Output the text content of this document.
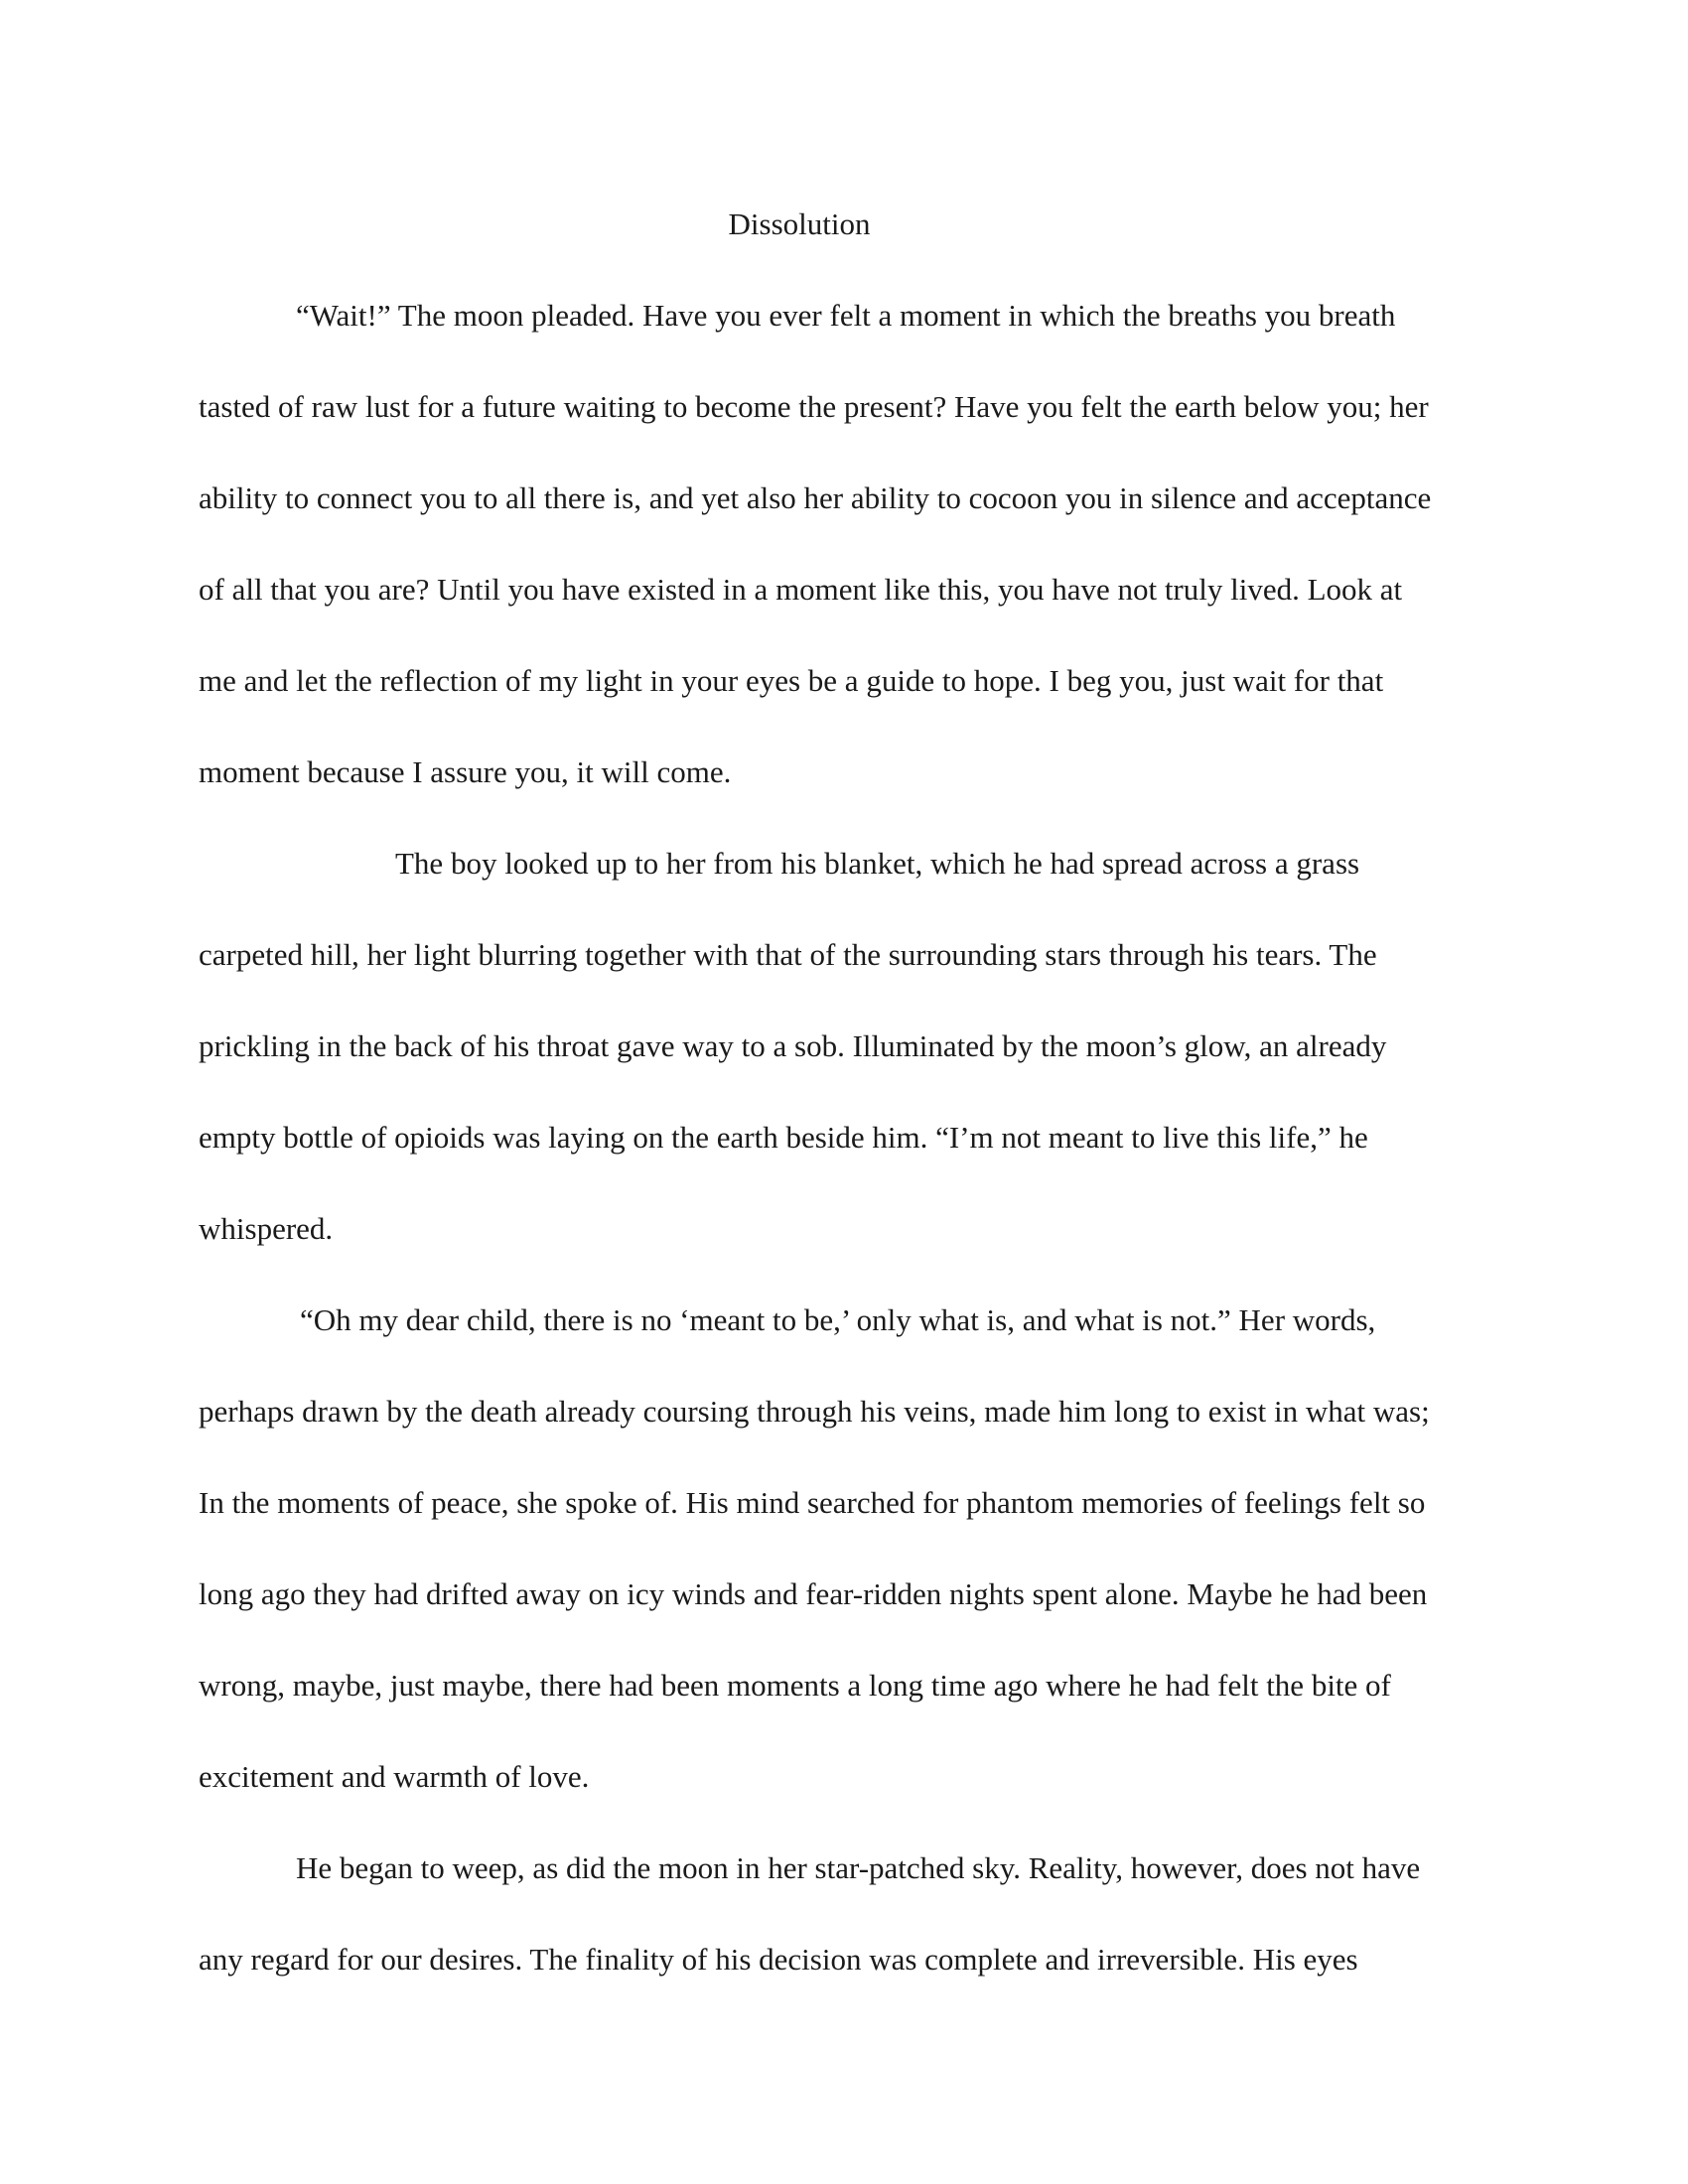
Dissolution
“Wait!” The moon pleaded. Have you ever felt a moment in which the breaths you breath
tasted of raw lust for a future waiting to become the present? Have you felt the earth below you; her
ability to connect you to all there is, and yet also her ability to cocoon you in silence and acceptance
of all that you are? Until you have existed in a moment like this, you have not truly lived. Look at
me and let the reflection of my light in your eyes be a guide to hope. I beg you, just wait for that
moment because I assure you, it will come.
The boy looked up to her from his blanket, which he had spread across a grass
carpeted hill, her light blurring together with that of the surrounding stars through his tears. The
prickling in the back of his throat gave way to a sob. Illuminated by the moon’s glow, an already
empty bottle of opioids was laying on the earth beside him. “I’m not meant to live this life,” he
whispered.
“Oh my dear child, there is no ‘meant to be,’ only what is, and what is not.” Her words,
perhaps drawn by the death already coursing through his veins, made him long to exist in what was;
In the moments of peace, she spoke of. His mind searched for phantom memories of feelings felt so
long ago they had drifted away on icy winds and fear-ridden nights spent alone. Maybe he had been
wrong, maybe, just maybe, there had been moments a long time ago where he had felt the bite of
excitement and warmth of love.
He began to weep, as did the moon in her star-patched sky. Reality, however, does not have
any regard for our desires. The finality of his decision was complete and irreversible. His eyes
